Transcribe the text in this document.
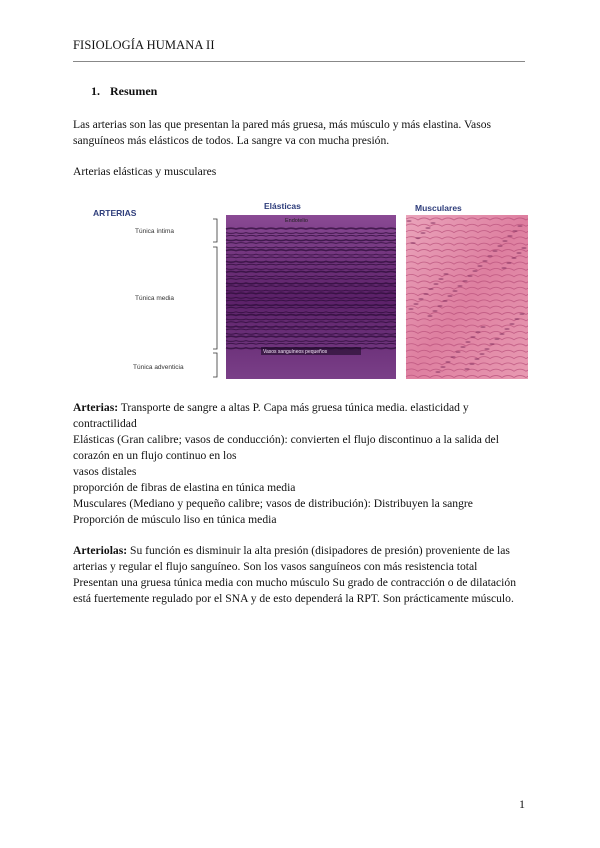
FISIOLOGÍA HUMANA II
1. Resumen
Las arterias son las que presentan la pared más gruesa, más músculo y más elastina. Vasos sanguíneos más elásticos de todos. La sangre va con mucha presión.
Arterias elásticas y musculares
ARTERIAS
Túnica íntima
Túnica media
Túnica adventicia
Elásticas
Endotelio
Vasos sanguíneos pequeños
Musculares
Arterias: Transporte de sangre a altas P. Capa más gruesa túnica media. elasticidad y
contractilidad
Elásticas (Gran calibre; vasos de conducción): convierten el flujo discontinuo a la salida del
corazón en un flujo continuo en los
vasos distales
proporción de fibras de elastina en túnica media
Musculares (Mediano y pequeño calibre; vasos de distribución): Distribuyen la sangre
Proporción de músculo liso en túnica media
Arteriolas: Su función es disminuir la alta presión (disipadores de presión) proveniente de las arterias y regular el flujo sanguíneo. Son los vasos sanguíneos con más resistencia total Presentan una gruesa túnica media con mucho músculo Su grado de contracción o de dilatación está fuertemente regulado por el SNA y de esto dependerá la RPT. Son prácticamente músculo.
1
